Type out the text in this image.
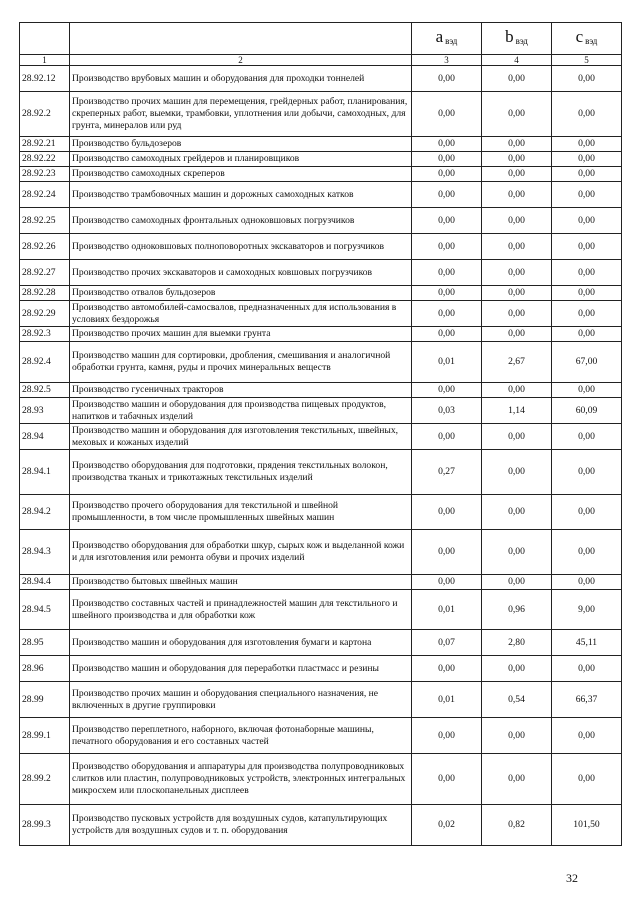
		a вэд	b вэд	c вэд
1	2	3	4	5
28.92.12	Производство врубовых машин и оборудования для проходки тоннелей	0,00	0,00	0,00
28.92.2	Производство прочих машин для перемещения, грейдерных работ, планирования, скреперных работ, выемки, трамбовки, уплотнения или добычи, самоходных, для грунта, минералов или руд	0,00	0,00	0,00
28.92.21	Производство бульдозеров	0,00	0,00	0,00
28.92.22	Производство самоходных грейдеров и планировщиков	0,00	0,00	0,00
28.92.23	Производство самоходных скреперов	0,00	0,00	0,00
28.92.24	Производство трамбовочных машин и дорожных самоходных катков	0,00	0,00	0,00
28.92.25	Производство самоходных фронтальных одноковшовых погрузчиков	0,00	0,00	0,00
28.92.26	Производство одноковшовых полноповоротных экскаваторов и погрузчиков	0,00	0,00	0,00
28.92.27	Производство прочих экскаваторов и самоходных ковшовых погрузчиков	0,00	0,00	0,00
28.92.28	Производство отвалов бульдозеров	0,00	0,00	0,00
28.92.29	Производство автомобилей-самосвалов, предназначенных для использования в условиях бездорожья	0,00	0,00	0,00
28.92.3	Производство прочих машин для выемки грунта	0,00	0,00	0,00
28.92.4	Производство машин для сортировки, дробления, смешивания и аналогичной обработки грунта, камня, руды и прочих минеральных веществ	0,01	2,67	67,00
28.92.5	Производство гусеничных тракторов	0,00	0,00	0,00
28.93	Производство машин и оборудования для производства пищевых продуктов, напитков и табачных изделий	0,03	1,14	60,09
28.94	Производство машин и оборудования для изготовления текстильных, швейных, меховых и кожаных изделий	0,00	0,00	0,00
28.94.1	Производство оборудования для подготовки, прядения текстильных волокон, производства тканых и трикотажных текстильных изделий	0,27	0,00	0,00
28.94.2	Производство прочего оборудования для текстильной и швейной промышленности, в том числе промышленных швейных машин	0,00	0,00	0,00
28.94.3	Производство оборудования для обработки шкур, сырых кож и выделанной кожи и для изготовления или ремонта обуви и прочих изделий	0,00	0,00	0,00
28.94.4	Производство бытовых швейных машин	0,00	0,00	0,00
28.94.5	Производство составных частей и принадлежностей машин для текстильного и швейного производства и для обработки кож	0,01	0,96	9,00
28.95	Производство машин и оборудования для изготовления бумаги и картона	0,07	2,80	45,11
28.96	Производство машин и оборудования для переработки пластмасс и резины	0,00	0,00	0,00
28.99	Производство прочих машин и оборудования специального назначения, не включенных в другие группировки	0,01	0,54	66,37
28.99.1	Производство переплетного, наборного, включая фотонаборные машины, печатного оборудования и его составных частей	0,00	0,00	0,00
28.99.2	Производство оборудования и аппаратуры для производства полупроводниковых слитков или пластин, полупроводниковых устройств, электронных интегральных микросхем или плоскопанельных дисплеев	0,00	0,00	0,00
28.99.3	Производство пусковых устройств для воздушных судов, катапультирующих устройств для воздушных судов и т. п. оборудования	0,02	0,82	101,50
32
